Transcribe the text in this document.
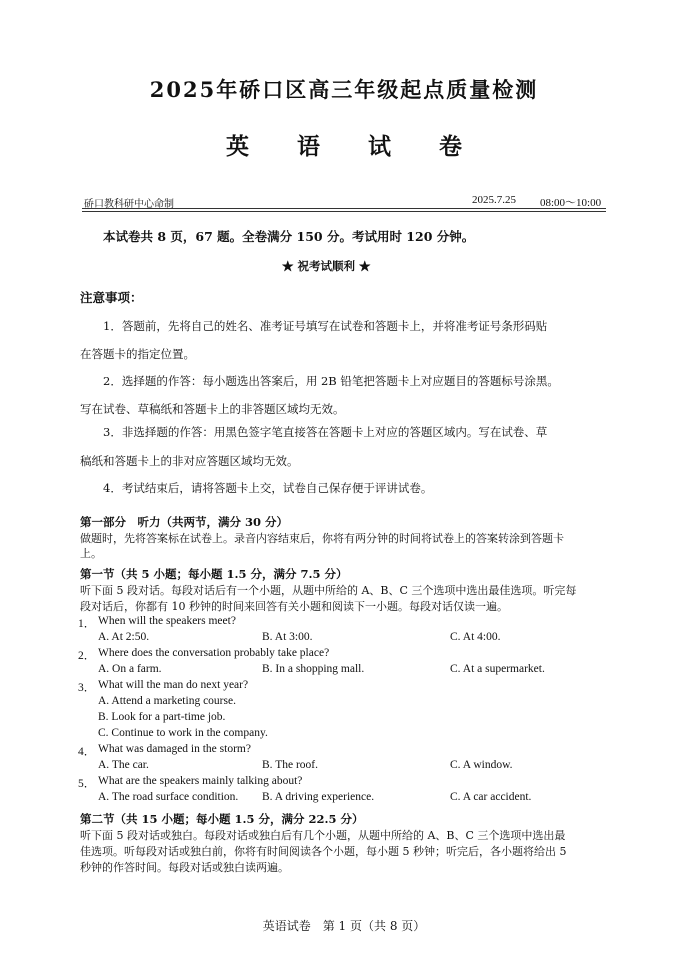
2025年硚口区高三年级起点质量检测
英 语 试 卷
硚口教科研中心命制	2025.7.25 08:00～10:00
本试卷共 8 页，67 题。全卷满分 150 分。考试用时 120 分钟。
★ 祝考试顺利 ★
注意事项：
1．答题前，先将自己的姓名、准考证号填写在试卷和答题卡上，并将准考证号条形码贴
在答题卡的指定位置。
2．选择题的作答：每小题选出答案后，用 2B 铅笔把答题卡上对应题目的答题标号涂黑。
写在试卷、草稿纸和答题卡上的非答题区域均无效。
3．非选择题的作答：用黑色签字笔直接答在答题卡上对应的答题区域内。写在试卷、草
稿纸和答题卡上的非对应答题区域均无效。
4．考试结束后，请将答题卡上交，试卷自己保存便于评讲试卷。
第一部分　听力（共两节，满分 30 分）
做题时，先将答案标在试卷上。录音内容结束后，你将有两分钟的时间将试卷上的答案转涂到答题卡
上。
第一节（共 5 小题；每小题 1.5 分，满分 7.5 分）
听下面 5 段对话。每段对话后有一个小题，从题中所给的 A、B、C 三个选项中选出最佳选项。听完每
段对话后，你都有 10 秒钟的时间来回答有关小题和阅读下一小题。每段对话仅读一遍。
1． When will the speakers meet?
A. At 2:50.	B. At 3:00.	C. At 4:00.
2． Where does the conversation probably take place?
A. On a farm.	B. In a shopping mall.	C. At a supermarket.
3． What will the man do next year?
A. Attend a marketing course.
B. Look for a part-time job.
C. Continue to work in the company.
4． What was damaged in the storm?
A. The car.	B. The roof.	C. A window.
5． What are the speakers mainly talking about?
A. The road surface condition. B. A driving experience.	C. A car accident.
第二节（共 15 小题；每小题 1.5 分，满分 22.5 分）
听下面 5 段对话或独白。每段对话或独白后有几个小题，从题中所给的 A、B、C 三个选项中选出最
佳选项。听每段对话或独白前，你将有时间阅读各个小题，每小题 5 秒钟；听完后，各小题将给出 5
秒钟的作答时间。每段对话或独白读两遍。
英语试卷　第 1 页（共 8 页）
